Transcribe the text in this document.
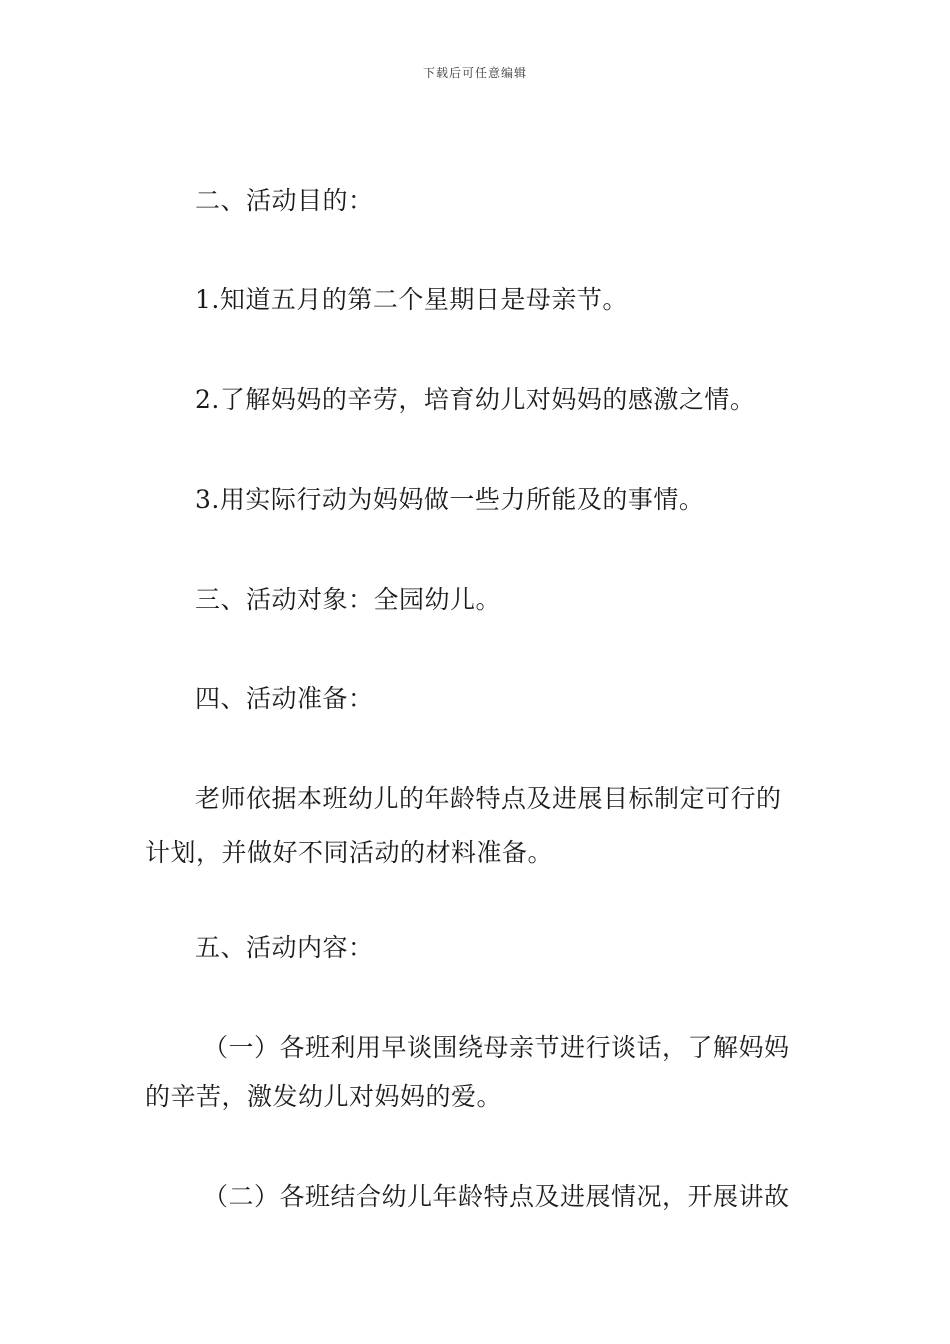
下载后可任意编辑
二、活动目的：
1.知道五月的第二个星期日是母亲节。
2.了解妈妈的辛劳，培育幼儿对妈妈的感激之情。
3.用实际行动为妈妈做一些力所能及的事情。
三、活动对象：全园幼儿。
四、活动准备：
老师依据本班幼儿的年龄特点及进展目标制定可行的
计划，并做好不同活动的材料准备。
五、活动内容：
（一）各班利用早谈围绕母亲节进行谈话，了解妈妈
的辛苦，激发幼儿对妈妈的爱。
（二）各班结合幼儿年龄特点及进展情况，开展讲故
